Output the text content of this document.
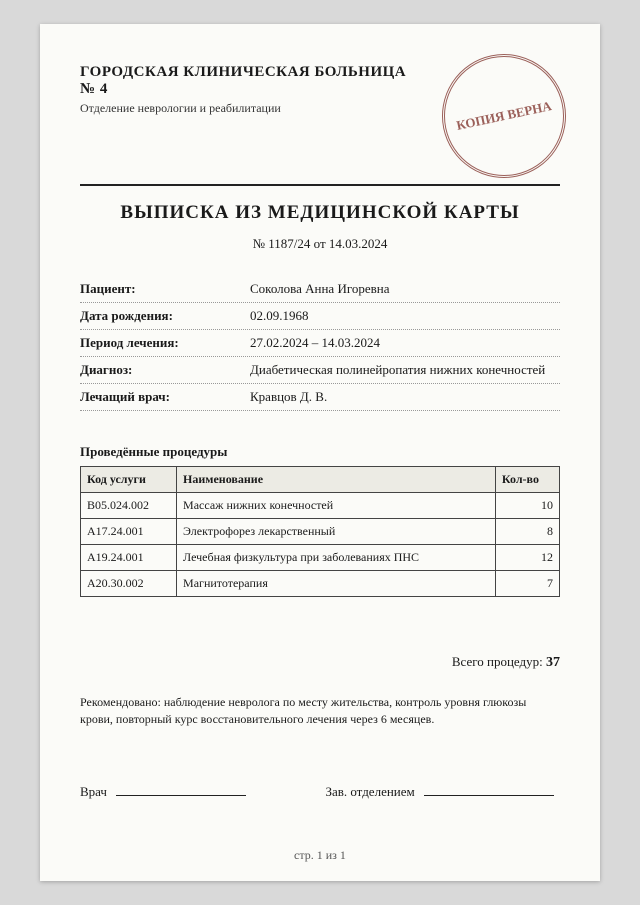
ГОРОДСКАЯ КЛИНИЧЕСКАЯ БОЛЬНИЦА № 4
Отделение неврологии и реабилитации	КОПИЯ ВЕРНА
ВЫПИСКА ИЗ МЕДИЦИНСКОЙ КАРТЫ
№ 1187/24 от 14.03.2024
Пациент:	Соколова Анна Игоревна
Дата рождения:	02.09.1968
Период лечения:	27.02.2024 – 14.03.2024
Диагноз:	Диабетическая полинейропатия нижних конечностей
Лечащий врач:	Кравцов Д. В.
Проведённые процедуры
Код услуги	Наименование	Кол-во
B05.024.002	Массаж нижних конечностей	10
A17.24.001	Электрофорез лекарственный	8
A19.24.001	Лечебная физкультура при заболеваниях ПНС	12
A20.30.002	Магнитотерапия	7
Всего процедур: 37
Рекомендовано: наблюдение невролога по месту жительства, контроль уровня глюкозы крови, повторный курс восстановительного лечения через 6 месяцев.
Врач	Зав. отделением
стр. 1 из 1
